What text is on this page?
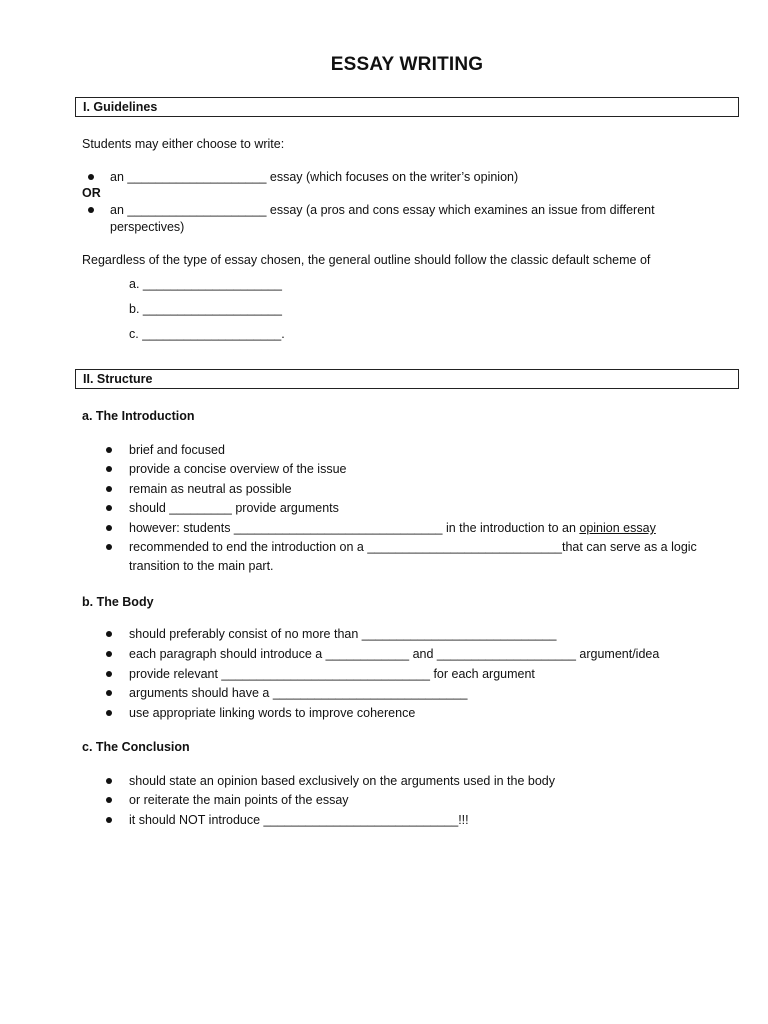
ESSAY WRITING
I. Guidelines
Students may either choose to write:
an ____________________ essay (which focuses on the writer’s opinion)
OR
an ____________________ essay (a pros and cons essay which examines an issue from different
perspectives)
Regardless of the type of essay chosen, the general outline should follow the classic default scheme of
a. ____________________
b. ____________________
c. ____________________.
II. Structure
a. The Introduction
brief and focused
provide a concise overview of the issue
remain as neutral as possible
should _________ provide arguments
however: students ______________________________ in the introduction to an opinion essay
recommended to end the introduction on a ____________________________that can serve as a logic
transition to the main part.
b. The Body
should preferably consist of no more than ____________________________
each paragraph should introduce a ____________ and ____________________ argument/idea
provide relevant ______________________________ for each argument
arguments should have a ____________________________
use appropriate linking words to improve coherence
c. The Conclusion
should state an opinion based exclusively on the arguments used in the body
or reiterate the main points of the essay
it should NOT introduce ____________________________!!!
